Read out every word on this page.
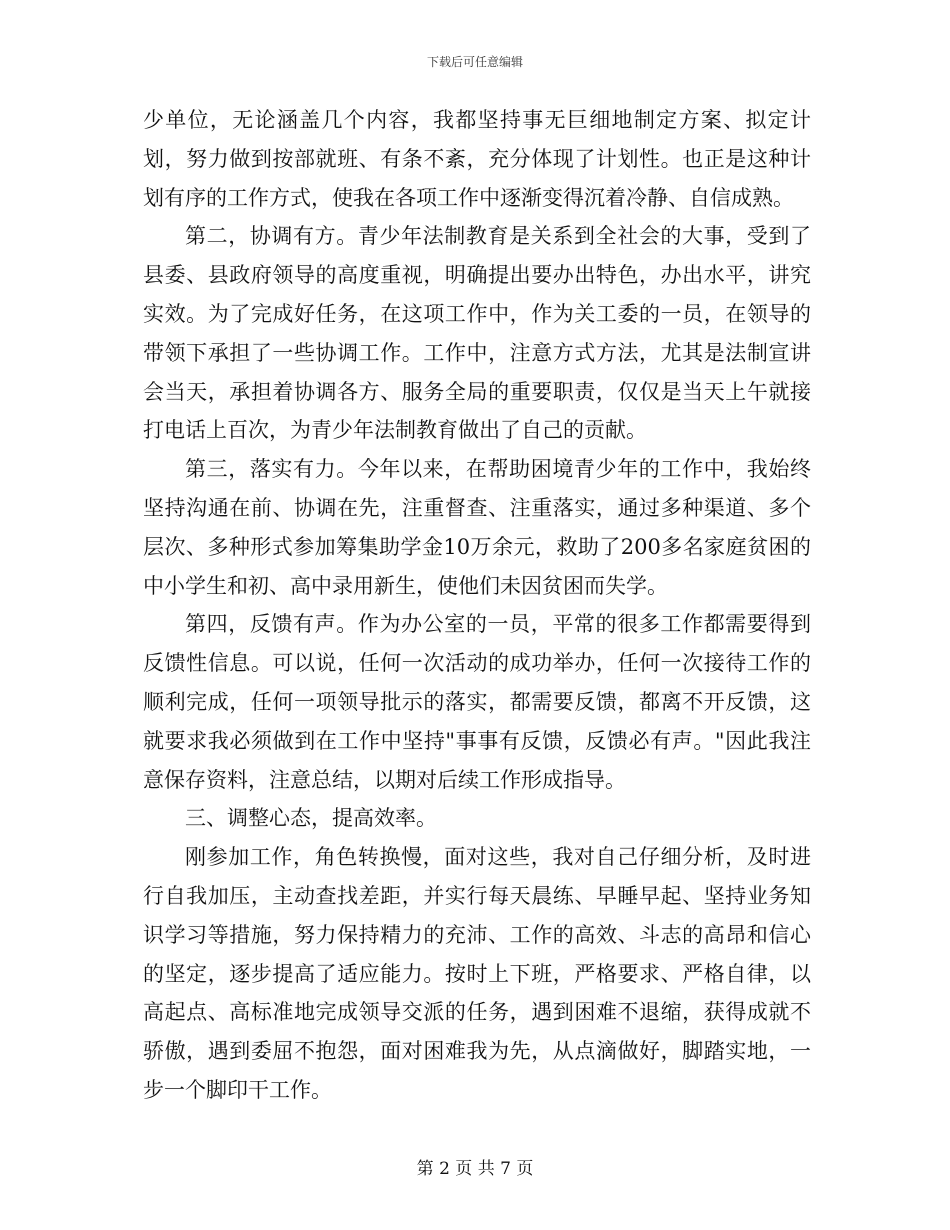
下载后可任意编辑

少单位，无论涵盖几个内容，我都坚持事无巨细地制定方案、拟定计划，努力做到按部就班、有条不紊，充分体现了计划性。也正是这种计划有序的工作方式，使我在各项工作中逐渐变得沉着冷静、自信成熟。

第二，协调有方。青少年法制教育是关系到全社会的大事，受到了县委、县政府领导的高度重视，明确提出要办出特色，办出水平，讲究实效。为了完成好任务，在这项工作中，作为关工委的一员，在领导的带领下承担了一些协调工作。工作中，注意方式方法，尤其是法制宣讲会当天，承担着协调各方、服务全局的重要职责，仅仅是当天上午就接打电话上百次，为青少年法制教育做出了自己的贡献。

第三，落实有力。今年以来，在帮助困境青少年的工作中，我始终坚持沟通在前、协调在先，注重督查、注重落实，通过多种渠道、多个层次、多种形式参加筹集助学金10万余元，救助了200多名家庭贫困的中小学生和初、高中录用新生，使他们未因贫困而失学。

第四，反馈有声。作为办公室的一员，平常的很多工作都需要得到反馈性信息。可以说，任何一次活动的成功举办，任何一次接待工作的顺利完成，任何一项领导批示的落实，都需要反馈，都离不开反馈，这就要求我必须做到在工作中坚持"事事有反馈，反馈必有声。"因此我注意保存资料，注意总结，以期对后续工作形成指导。

三、调整心态，提高效率。

刚参加工作，角色转换慢，面对这些，我对自己仔细分析，及时进行自我加压，主动查找差距，并实行每天晨练、早睡早起、坚持业务知识学习等措施，努力保持精力的充沛、工作的高效、斗志的高昂和信心的坚定，逐步提高了适应能力。按时上下班，严格要求、严格自律，以高起点、高标准地完成领导交派的任务，遇到困难不退缩，获得成就不骄傲，遇到委屈不抱怨，面对困难我为先，从点滴做好，脚踏实地，一步一个脚印干工作。

第 2 页 共 7 页
